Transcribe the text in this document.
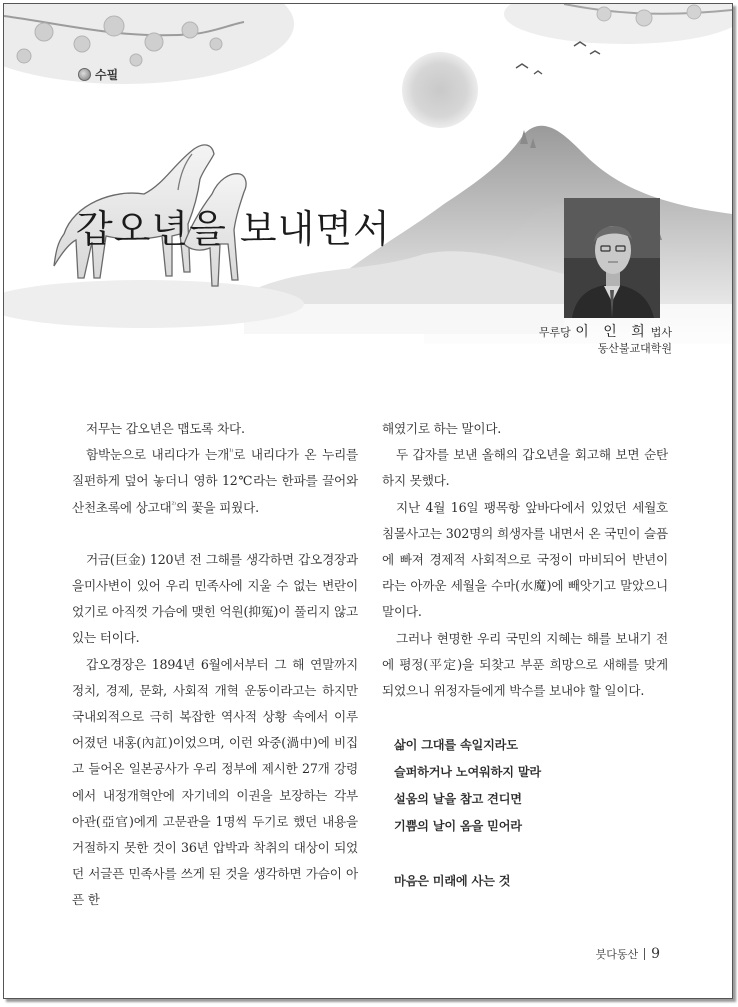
수필
갑오년을 보내면서
무루당 이 인 희법사
동산불교대학원

저무는 갑오년은 맵도록 차다.

함박눈으로 내리다가 는개$^{^{1)}}$로 내리다가 온 누리를 질펀하게 덮어 놓더니 영하 12℃라는 한파를 끌어와 산천초록에 상고대$^{^{2)}}$의 꽃을 피웠다.

거금(巨金) 120년 전 그해를 생각하면 갑오경장과 을미사변이 있어 우리 민족사에 지울 수 없는 변란이었기로 아직껏 가슴에 맺힌 억원(抑冤)이 풀리지 않고 있는 터이다.

갑오경장은 1894년 6월에서부터 그 해 연말까지 정치, 경제, 문화, 사회적 개혁 운동이라고는 하지만 국내외적으로 극히 복잡한 역사적 상황 속에서 이루어졌던 내홍(內訌)이었으며, 이런 와중(渦中)에 비집고 들어온 일본공사가 우리 정부에 제시한 27개 강령에서 내정개혁안에 자기네의 이권을 보장하는 각부 아관(亞官)에게 고문관을 1명씩 두기로 했던 내용을 거절하지 못한 것이 36년 압박과 착취의 대상이 되었던 서글픈 민족사를 쓰게 된 것을 생각하면 가슴이 아픈 한

해였기로 하는 말이다.

두 갑자를 보낸 올해의 갑오년을 회고해 보면 순탄하지 못했다.

지난 4월 16일 팽목항 앞바다에서 있었던 세월호 침몰사고는 302명의 희생자를 내면서 온 국민이 슬픔에 빠져 경제적 사회적으로 국정이 마비되어 반년이라는 아까운 세월을 수마(水魔)에 빼앗기고 말았으니 말이다.

그러나 현명한 우리 국민의 지혜는 해를 보내기 전에 평정(平定)을 되찾고 부푼 희망으로 새해를 맞게 되었으니 위정자들에게 박수를 보내야 할 일이다.

삶이 그대를 속일지라도
슬퍼하거나 노여워하지 말라
설움의 날을 참고 견디면
기쁨의 날이 옴을 믿어라
마음은 미래에 사는 것
붓다동산 9
